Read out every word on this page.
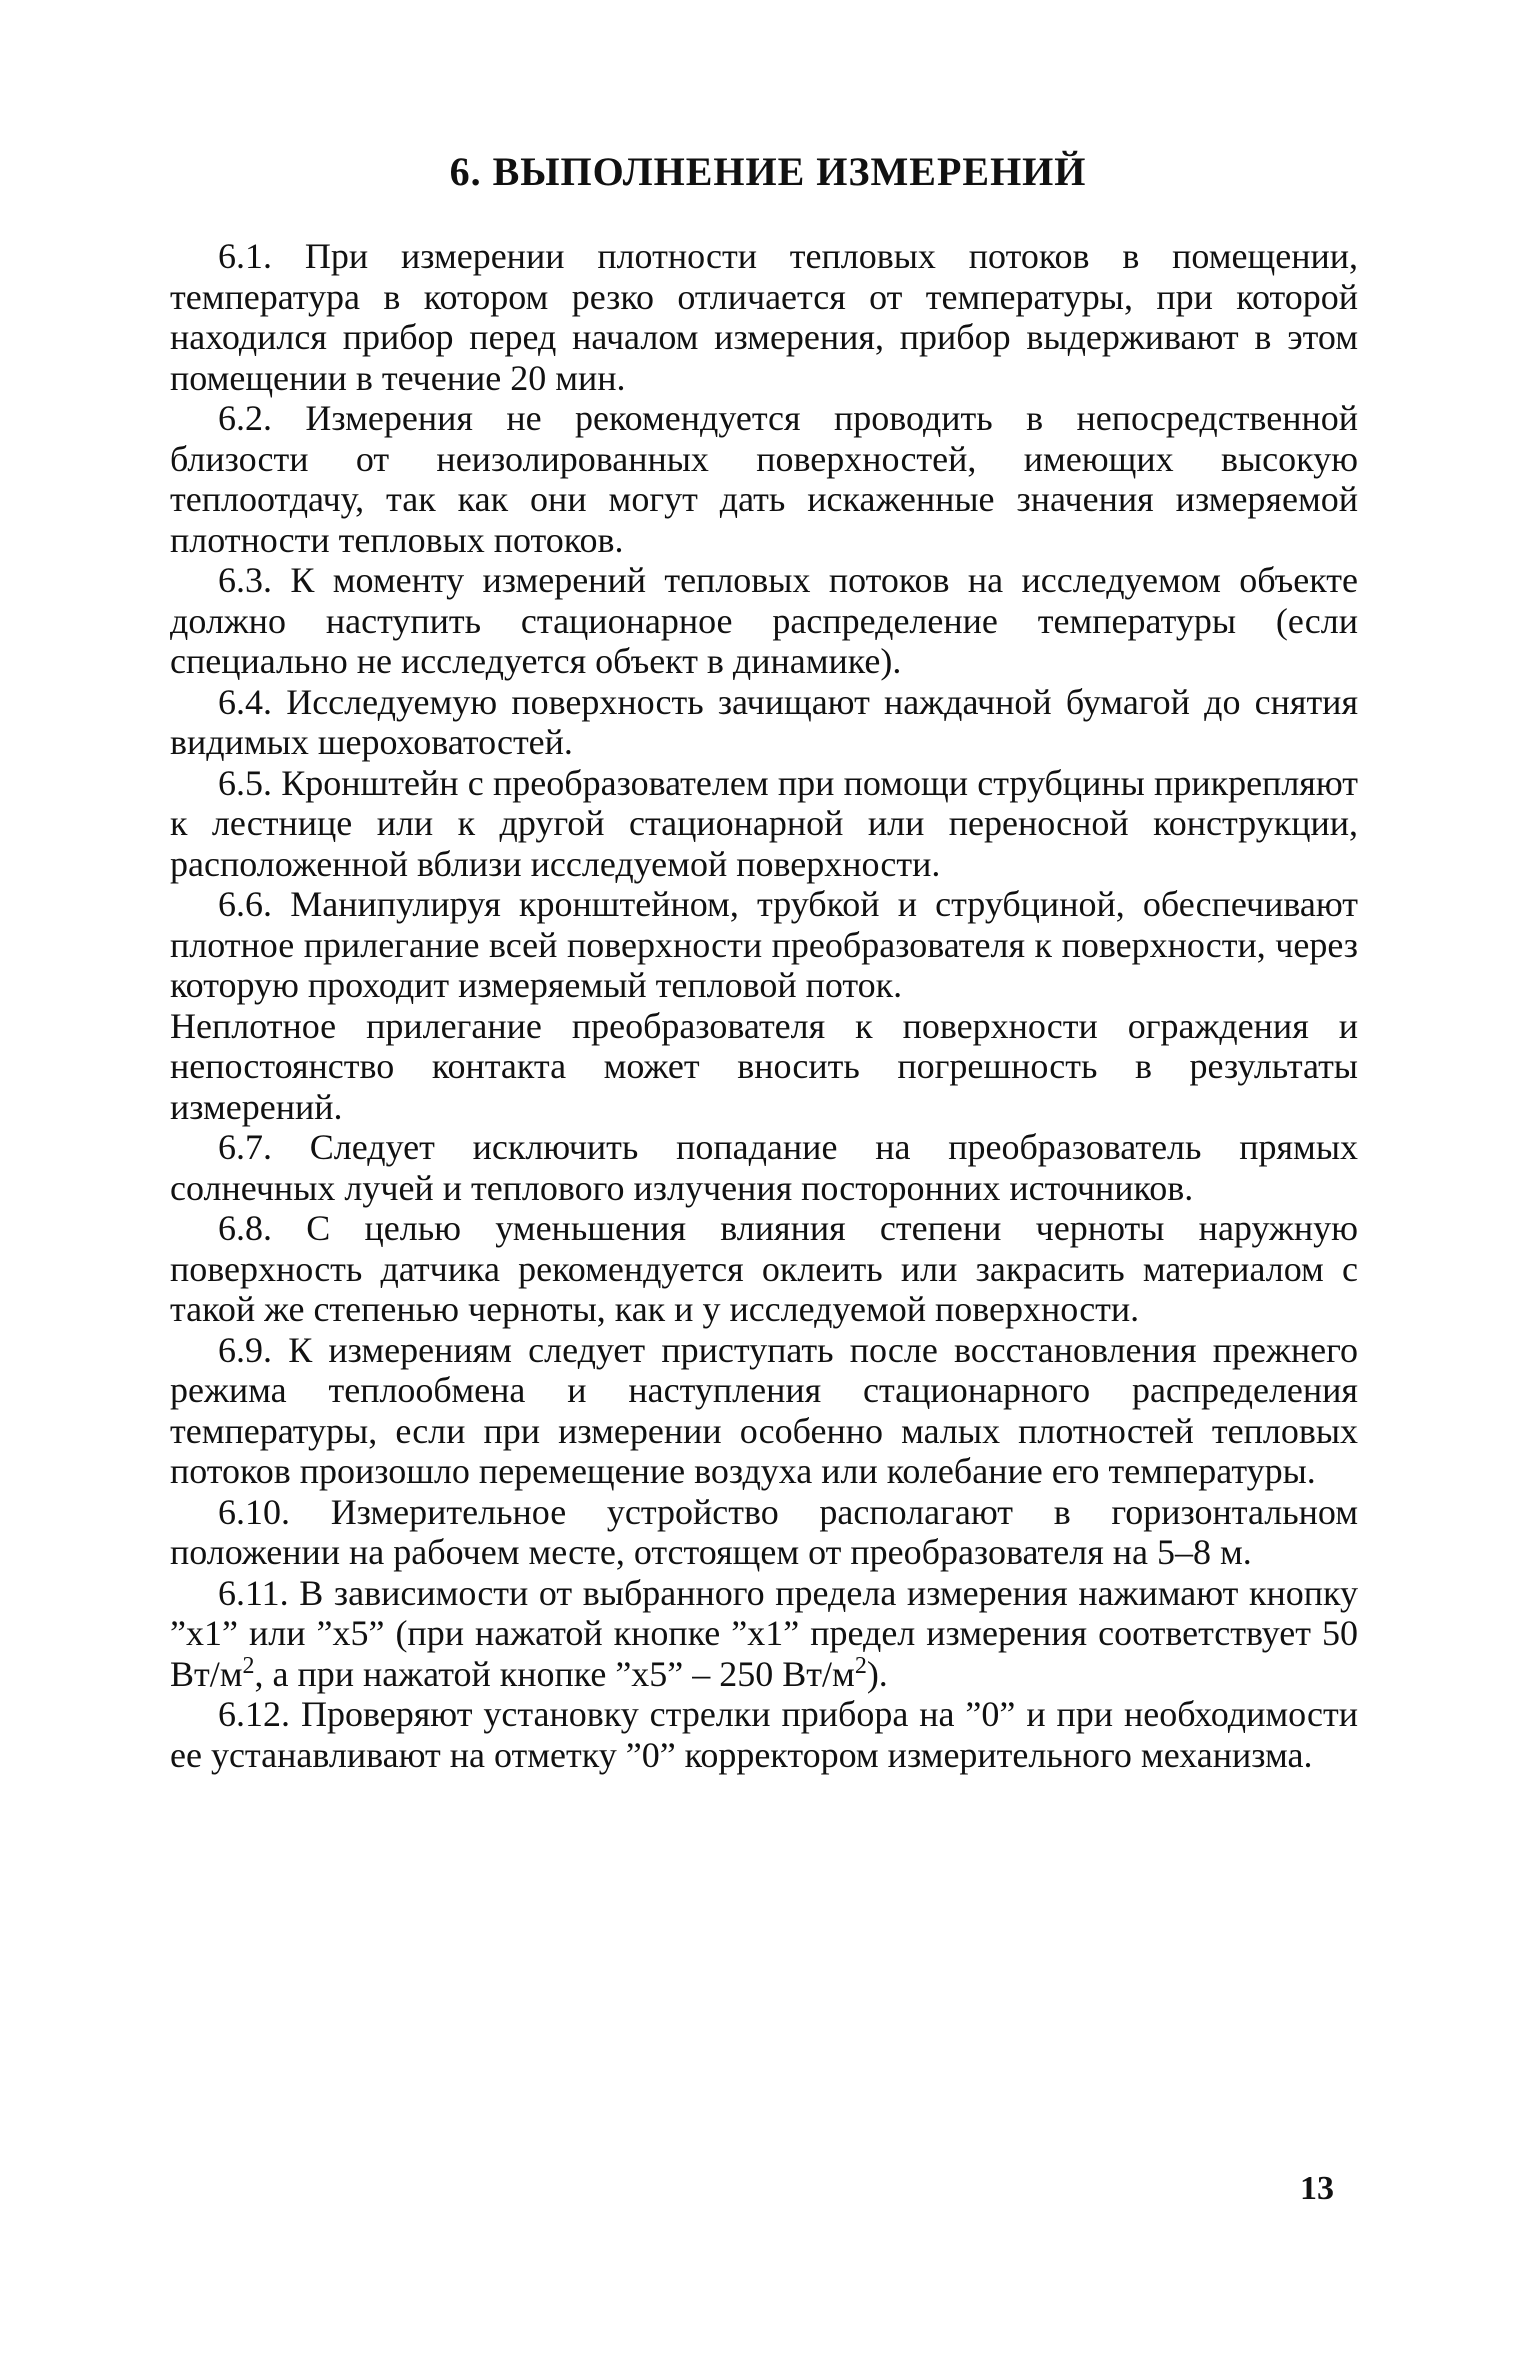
6. ВЫПОЛНЕНИЕ ИЗМЕРЕНИЙ

6.1. При измерении плотности тепловых потоков в помещении, температура в котором резко отличается от температуры, при которой находился прибор перед началом измерения, прибор выдерживают в этом помещении в течение 20 мин.

6.2. Измерения не рекомендуется проводить в непосредственной близости от неизолированных поверхностей, имеющих высокую теплоотдачу, так как они могут дать искаженные значения измеряемой плотности тепловых потоков.

6.3. К моменту измерений тепловых потоков на исследуемом объекте должно наступить стационарное распределение температуры (если специально не исследуется объект в динамике).

6.4. Исследуемую поверхность зачищают наждачной бумагой до снятия видимых шероховатостей.

6.5. Кронштейн с преобразователем при помощи струбцины прикрепляют к лестнице или к другой стационарной или переносной конструкции, расположенной вблизи исследуемой поверхности.

6.6. Манипулируя кронштейном, трубкой и струбциной, обеспечивают плотное прилегание всей поверхности преобразователя к поверхности, через которую проходит измеряемый тепловой поток.

Неплотное прилегание преобразователя к поверхности ограждения и непостоянство контакта может вносить погрешность в результаты измерений.

6.7. Следует исключить попадание на преобразователь прямых солнечных лучей и теплового излучения посторонних источников.

6.8. С целью уменьшения влияния степени черноты наружную поверхность датчика рекомендуется оклеить или закрасить материалом с такой же степенью черноты, как и у исследуемой поверхности.

6.9. К измерениям следует приступать после восстановления прежнего режима теплообмена и наступления стационарного распределения температуры, если при измерении особенно малых плотностей тепловых потоков произошло перемещение воздуха или колебание его температуры.

6.10. Измерительное устройство располагают в горизонтальном положении на рабочем месте, отстоящем от преобразователя на 5–8 м.

6.11. В зависимости от выбранного предела измерения нажимают кнопку ”х1” или ”х5” (при нажатой кнопке ”х1” предел измерения соответствует 50 $Вт/м^2$, а при нажатой кнопке ”х5” – 250 $Вт/м^2$).

6.12. Проверяют установку стрелки прибора на ”0” и при необходимости ее устанавливают на отметку ”0” корректором измерительного механизма.

13
